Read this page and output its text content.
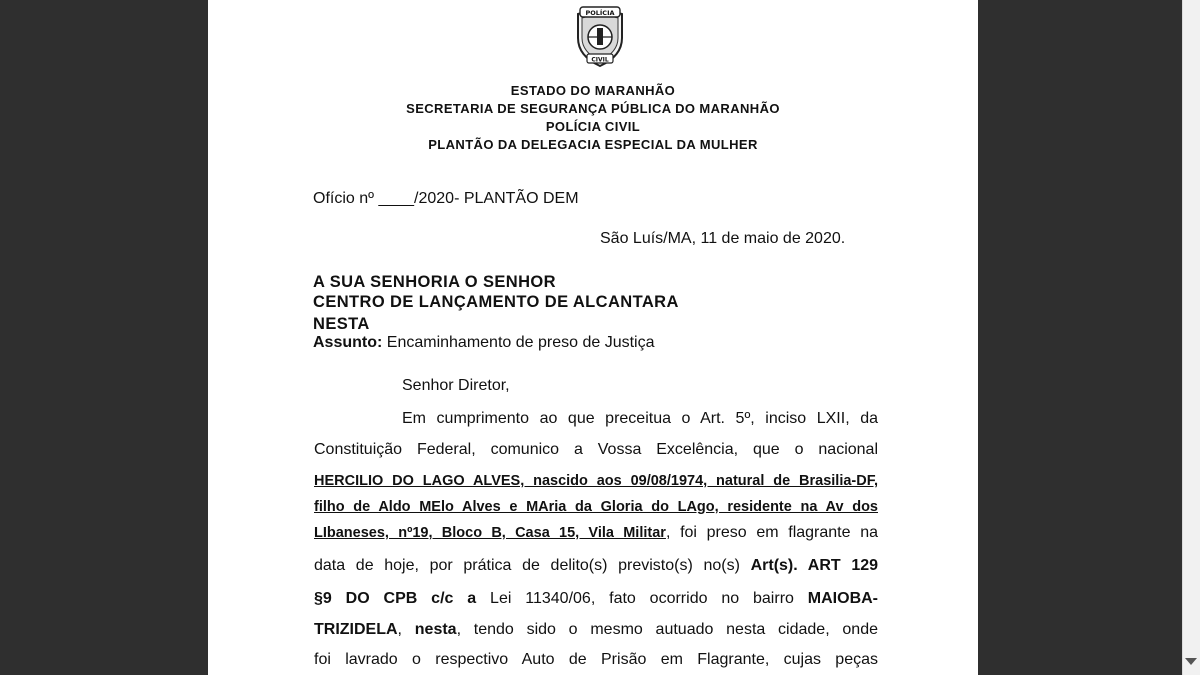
POLÍCIA
CIVIL
ESTADO DO MARANHÃO
SECRETARIA DE SEGURANÇA PÚBLICA DO MARANHÃO
POLÍCIA CIVIL
PLANTÃO DA DELEGACIA ESPECIAL DA MULHER
Ofício nº ____/2020- PLANTÃO DEM
São Luís/MA, 11 de maio de 2020.
A SUA SENHORIA O SENHOR
CENTRO DE LANÇAMENTO DE ALCANTARA
NESTA
Assunto: Encaminhamento de preso de Justiça
Senhor Diretor,
Em cumprimento ao que preceitua o Art. 5º, inciso LXII, da
Constituição Federal, comunico a Vossa Excelência, que o nacional
HERCILIO DO LAGO ALVES, nascido aos 09/08/1974, natural de Brasilia-DF,
filho de Aldo MElo Alves e MAria da Gloria do LAgo, residente na Av dos
LIbaneses, nº19, Bloco B, Casa 15, Vila Militar, foi preso em flagrante na
data de hoje, por prática de delito(s) previsto(s) no(s) Art(s). ART 129
§9 DO CPB c/c a Lei 11340/06, fato ocorrido no bairro MAIOBA-
TRIZIDELA, nesta, tendo sido o mesmo autuado nesta cidade, onde
foi lavrado o respectivo Auto de Prisão em Flagrante, cujas peças
